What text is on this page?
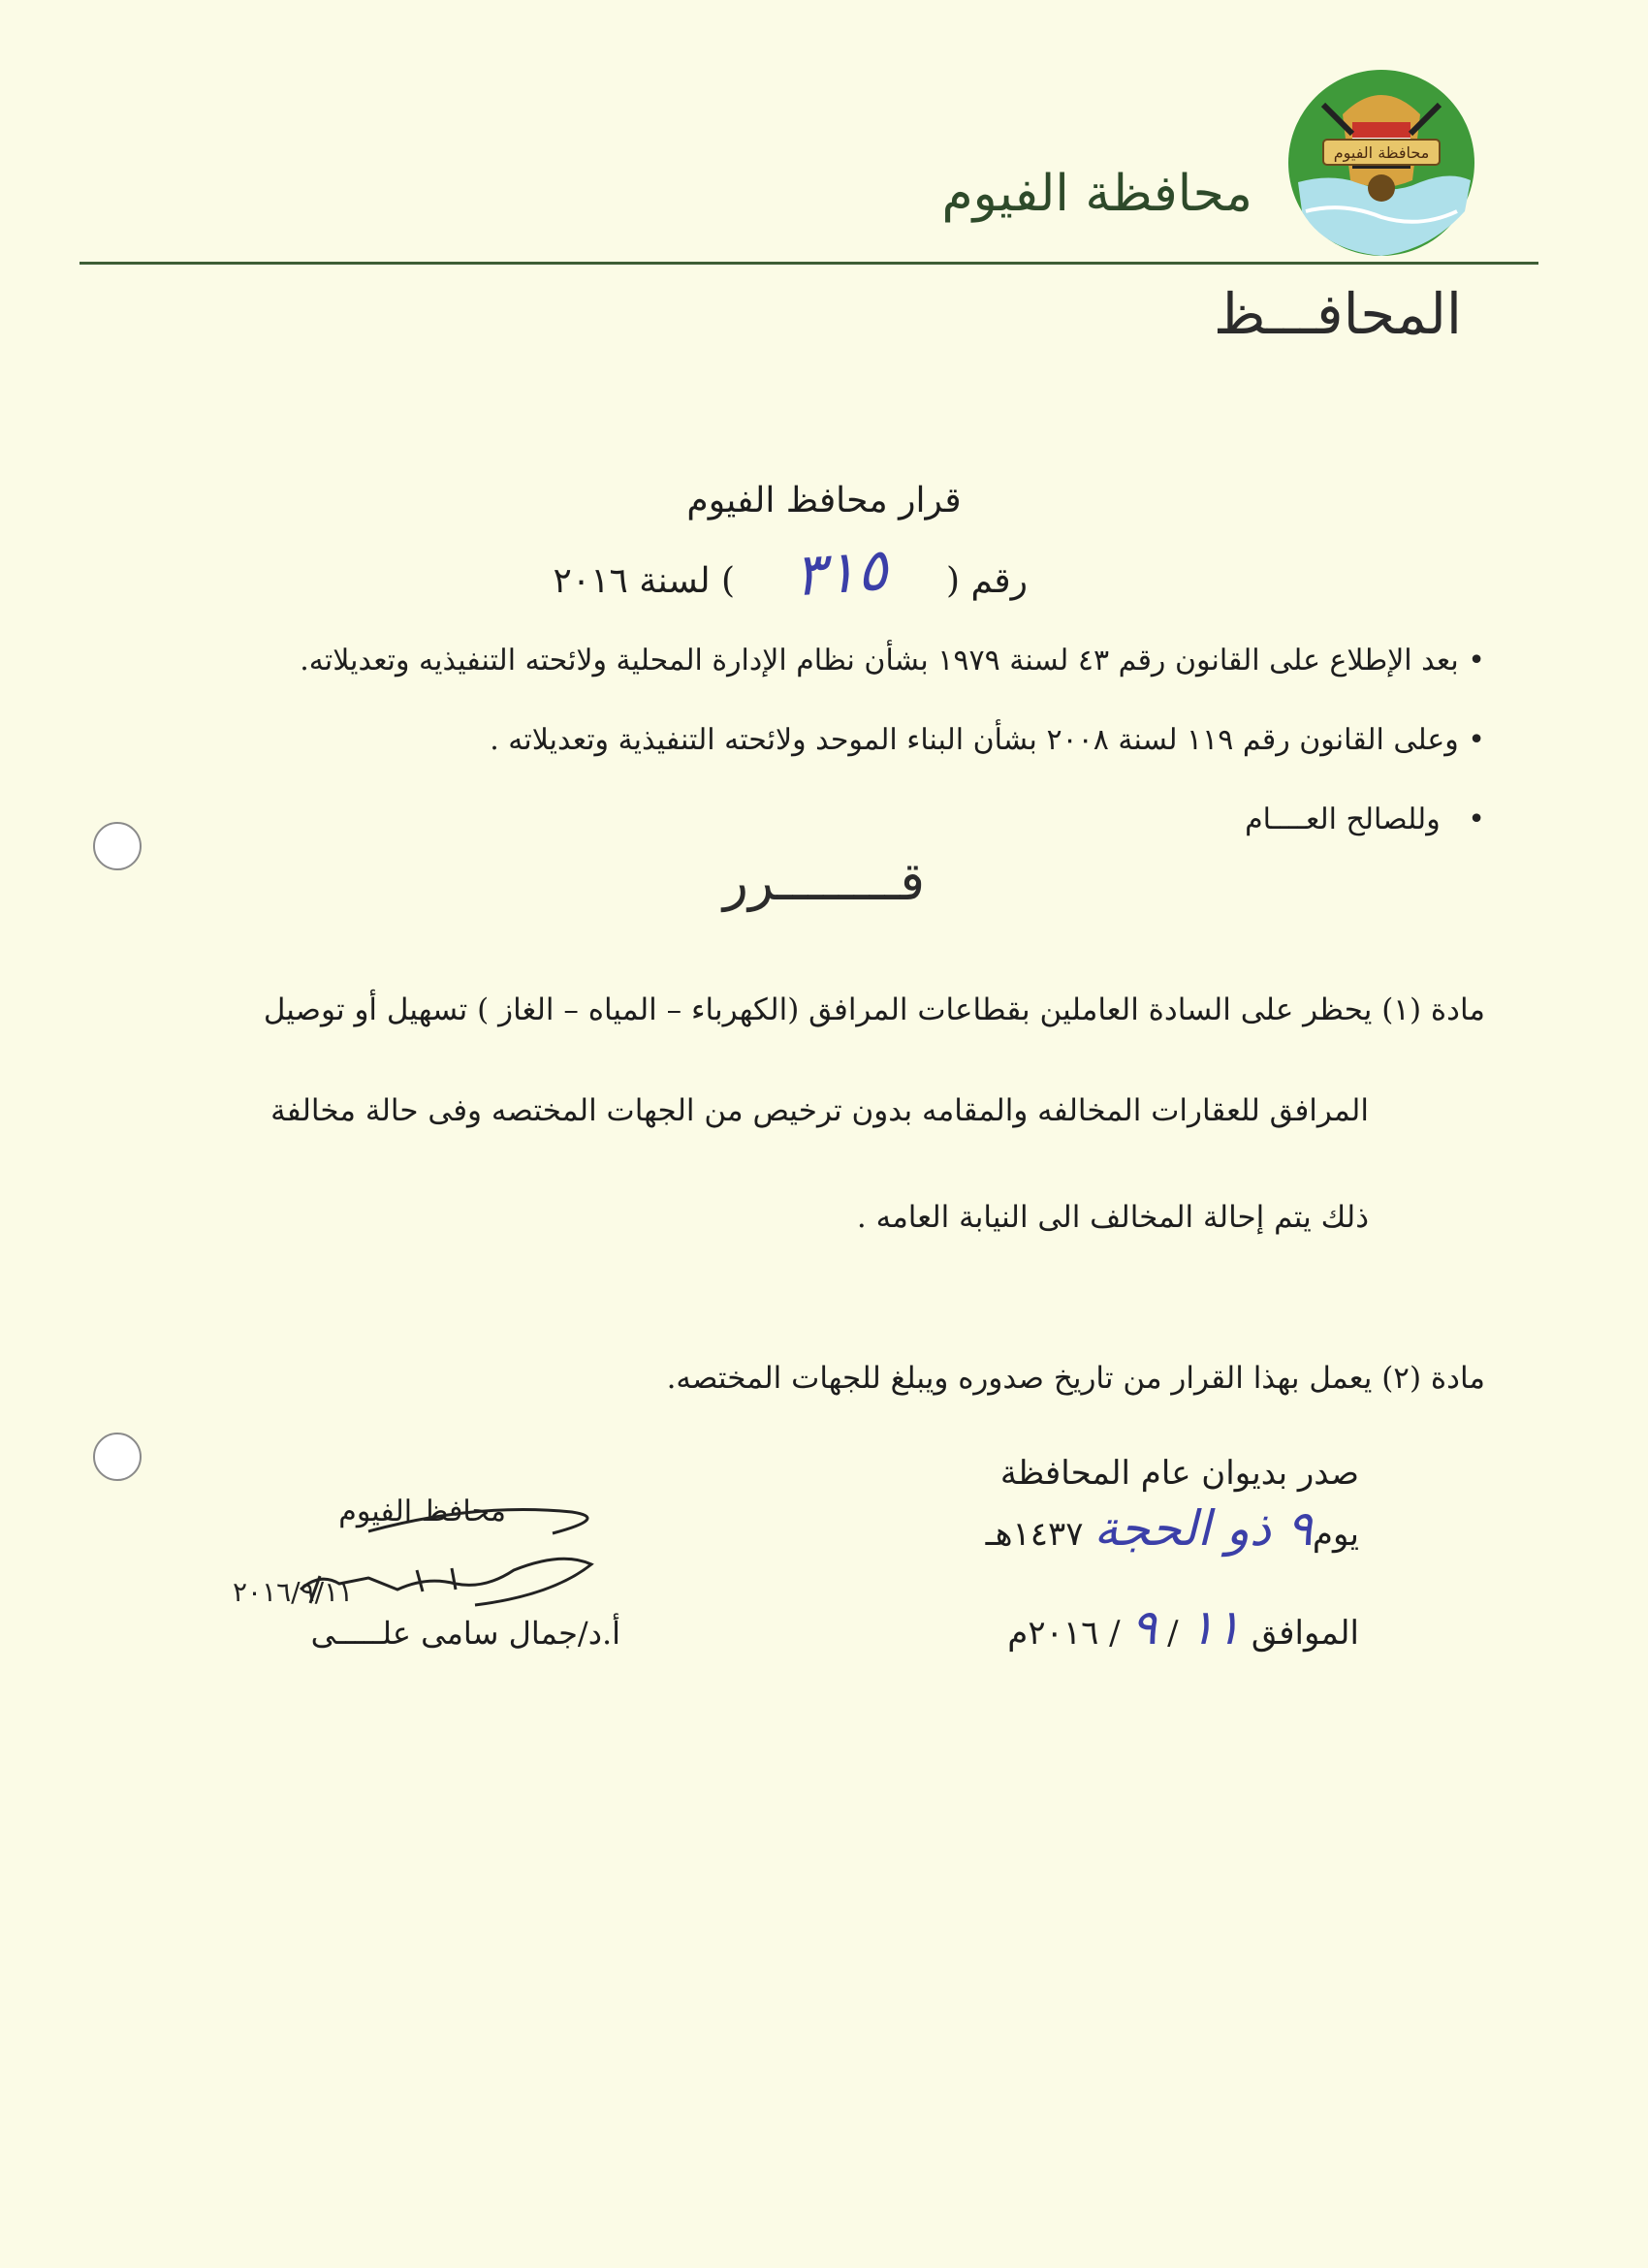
محافظة الفيوم
محافظة الفيوم
المحافـــظ
قرار محافظ الفيوم
رقم ( ٣١٥ ) لسنة ٢٠١٦
• بعد الإطلاع على القانون رقم ٤٣ لسنة ١٩٧٩ بشأن نظام الإدارة المحلية ولائحته التنفيذيه وتعديلاته.
• وعلى القانون رقم ١١٩ لسنة ٢٠٠٨ بشأن البناء الموحد ولائحته التنفيذية وتعديلاته .
•   وللصالح العــــام
قــــــــرر
مادة (١) يحظر على السادة العاملين بقطاعات المرافق (الكهرباء – المياه – الغاز ) تسهيل أو توصيل
المرافق للعقارات المخالفه والمقامه بدون ترخيص من الجهات المختصه وفى حالة مخالفة
ذلك يتم إحالة المخالف الى النيابة العامه .
مادة (٢) يعمل بهذا القرار من تاريخ صدوره ويبلغ للجهات المختصه.
صدر بديوان عام المحافظة
يوم٩ ذو الحجة ١٤٣٧هـ
الموافق ١١ / ٩ / ٢٠١٦م
محافظ الفيوم
٢٠١٦/٩/١١
أ.د/جمال سامى علـــــى
